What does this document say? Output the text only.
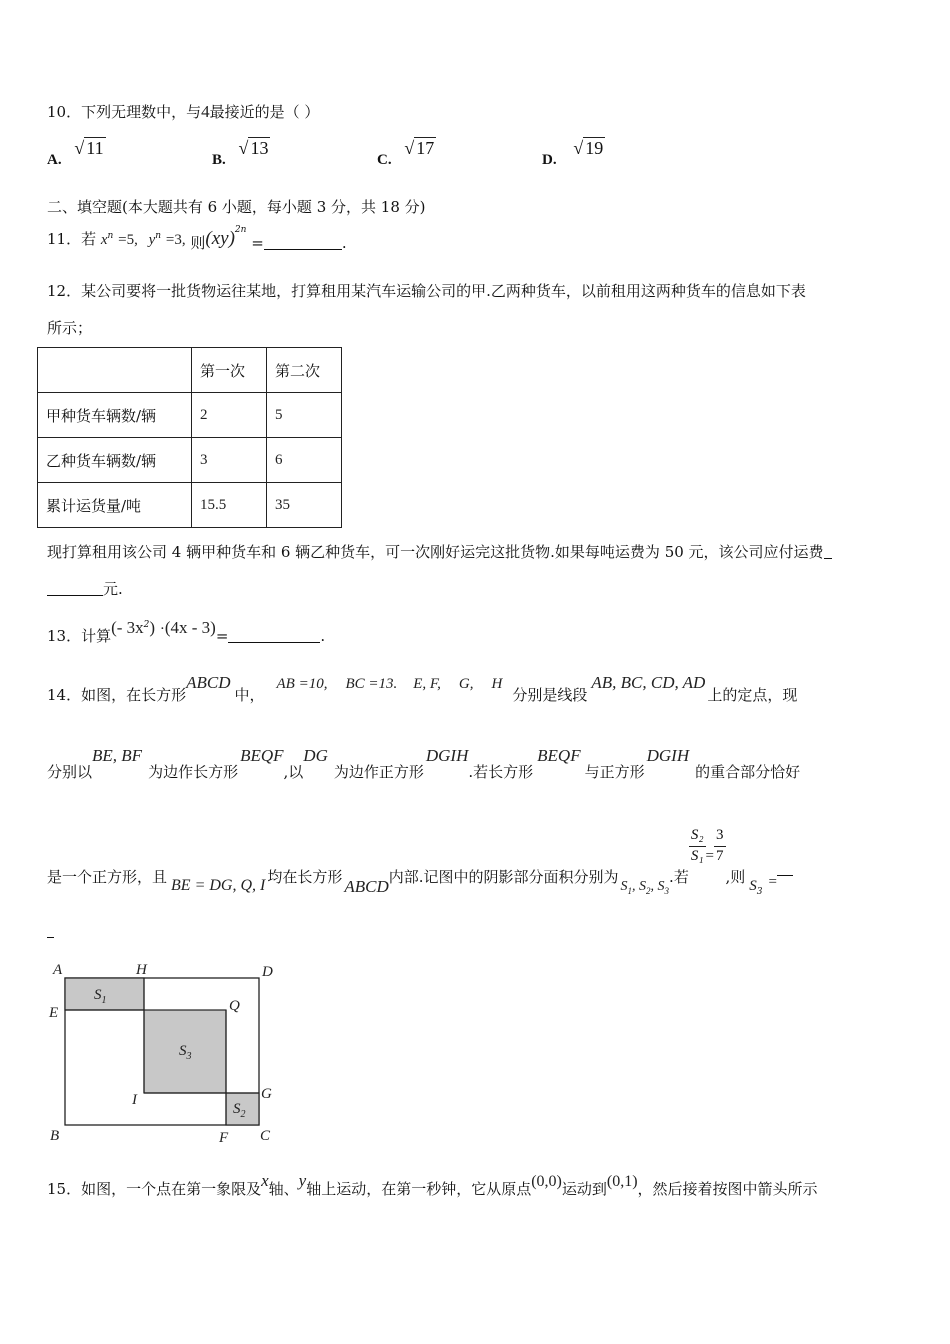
10．下列无理数中，与4最接近的是（ ）
A. √ 11
B. √ 13
C. √ 17
D. √ 19
二、填空题(本大题共有 6 小题，每小题 3 分，共 18 分)
11．若 $x^n =5$, $y^n =3$, 则(xy)$^{2n}$ =	.
12．某公司要将一批货物运往某地，打算租用某汽车运输公司的甲.乙两种货车，以前租用这两种货车的信息如下表
所示；
	第一次	第二次
甲种货车辆数/辆	2	5
乙种货车辆数/辆	3	6
累计运货量/吨	15.5	35
现打算租用该公司 4 辆甲种货车和 6 辆乙种货车，可一次刚好运完这批货物.如果每吨运费为 50 元，该公司应付运费
元.
13．计算(- $3x^2) \cdot(4x - 3)=$	.
14．如图，在长方形ABCD中，AB =10, BC =13. E, F, G, H分别是线段AB, BC, CD, AD上的定点，现
分别以BE, BF为边作长方形BEQF,以DG为边作正方形DGIH.若长方形BEQF与正方形DGIH的重合部分恰好
是一个正方形，且 BE = DG, Q, I 均在长方形 ABCD内部.记图中的阴影部分面积分别为$S_1$, $S_2$, $S_3$.若
$\frac{\text{S₂}}{\text{S₁}} = \frac{3}{7}$
,则 $S_3=$
A	H	D
E	Q
I	G
B	F C
$S_1$
$S_3$
$S_2$
15．如图，一个点在第一象限及x轴、y轴上运动，在第一秒钟，它从原点(0,0)运动到(0,1)，然后接着按图中箭头所示
